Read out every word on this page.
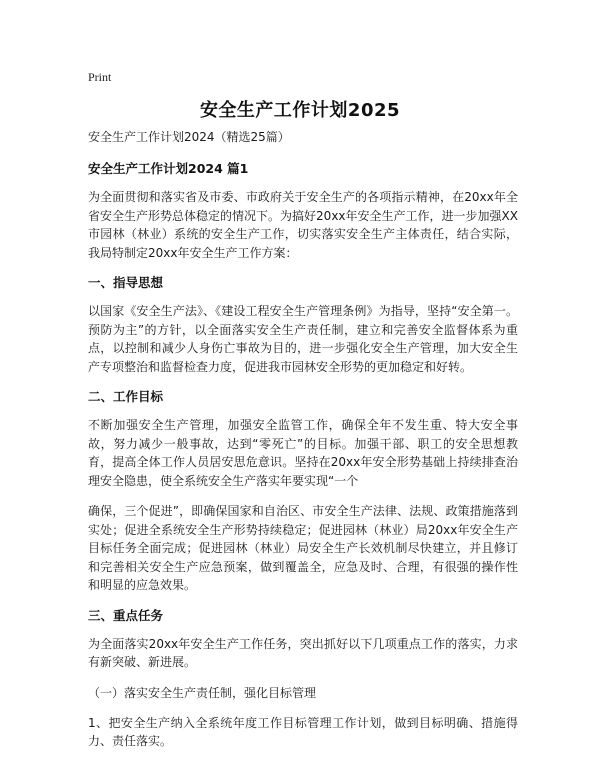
Print
安全生产工作计划2025

安全生产工作计划2024（精选25篇）

安全生产工作计划2024 篇1

为全面贯彻和落实省及市委、市政府关于安全生产的各项指示精神，在20xx年全省安全生产形势总体稳定的情况下。为搞好20xx年安全生产工作，进一步加强XX市园林（林业）系统的安全生产工作，切实落实安全生产主体责任，结合实际，我局特制定20xx年安全生产工作方案：

一、指导思想

以国家《安全生产法》、《建设工程安全生产管理条例》为指导，坚持“安全第一。预防为主”的方针，以全面落实安全生产责任制，建立和完善安全监督体系为重点，以控制和减少人身伤亡事故为目的，进一步强化安全生产管理，加大安全生产专项整治和监督检查力度，促进我市园林安全形势的更加稳定和好转。

二、工作目标

不断加强安全生产管理，加强安全监管工作，确保全年不发生重、特大安全事故，努力减少一般事故，达到“零死亡”的目标。加强干部、职工的安全思想教育，提高全体工作人员居安思危意识。坚持在20xx年安全形势基础上持续排查治理安全隐患，使全系统安全生产落实年要实现“一个

确保，三个促进”，即确保国家和自治区、市安全生产法律、法规、政策措施落到实处；促进全系统安全生产形势持续稳定；促进园林（林业）局20xx年安全生产目标任务全面完成；促进园林（林业）局安全生产长效机制尽快建立，并且修订和完善相关安全生产应急预案，做到覆盖全，应急及时、合理，有很强的操作性和明显的应急效果。

三、重点任务

为全面落实20xx年安全生产工作任务，突出抓好以下几项重点工作的落实，力求有新突破、新进展。

（一）落实安全生产责任制，强化目标管理

1、把安全生产纳入全系统年度工作目标管理工作计划，做到目标明确、措施得力、责任落实。
